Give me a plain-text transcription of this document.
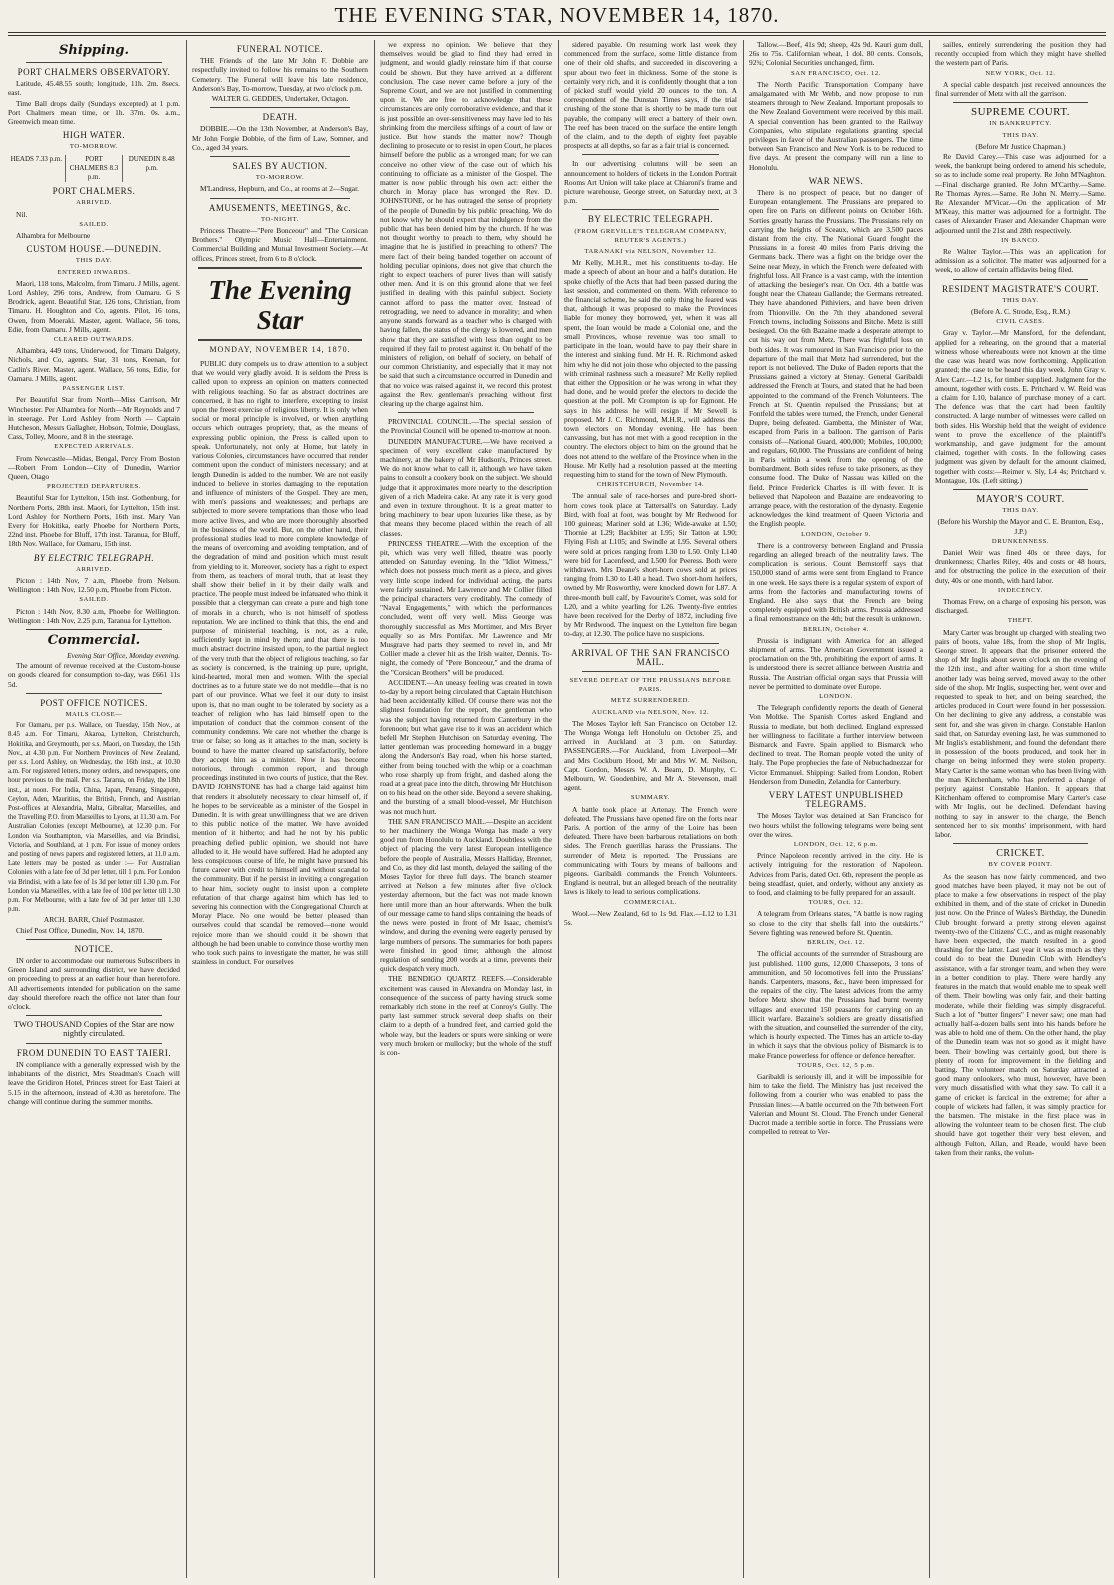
THE EVENING STAR, NOVEMBER 14, 1870.
Shipping.
PORT CHALMERS OBSERVATORY.

Latitude, 45.48.55 south; longitude, 11h. 2m. 8secs. east.

Time Ball drops daily (Sundays excepted) at 1 p.m. Port Chalmers mean time, or 1h. 37m. 0s. a.m., Greenwich mean time.

HIGH WATER.
TO-MORROW.
HEADS 7.33 p.m.	PORT CHALMERS 8.3 p.m.
DUNEDIN 8.48 p.m.
PORT CHALMERS.
ARRIVED.

Nil.

SAILED.

Alhambra for Melbourne

CUSTOM HOUSE.—DUNEDIN.
THIS DAY.
ENTERED INWARDS.

Maori, 118 tons, Malcolm, from Timaru. J Mills, agent. Lord Ashley, 296 tons, Andrew, from Oamaru. G S Brodrick, agent. Beautiful Star, 126 tons, Christian, from Timaru. H. Houghton and Co, agents. Pilot, 16 tons, Owen, from Moeraki. Master, agent. Wallace, 56 tons, Edie, from Oamaru. J Mills, agent.

CLEARED OUTWARDS.

Alhambra, 449 tons, Underwood, for Timaru Dalgety, Nichols, and Co, agents. Star, 31 tons, Keenan, for Catlin's River. Master, agent. Wallace, 56 tons, Edie, for Oamaru. J Mills, agent.

PASSENGER LIST.

Per Beautiful Star from North—Miss Carrison, Mr Winchester. Per Alhambra for North—Mr Reynolds and 7 in steerage. Per Lord Ashley from North — Captain Hutcheson, Messrs Gallagher, Hobson, Tolmie, Douglass, Cass, Tolley, Moore, and 8 in the steerage.

EXPECTED ARRIVALS.

From Newcastle—Midas, Bengal, Percy From Boston—Robert From London—City of Dunedin, Warrior Queen, Otago

PROJECTED DEPARTURES.

Beautiful Star for Lyttelton, 15th inst. Gothenburg, for Northern Ports, 28th inst. Maori, for Lyttelton, 15th inst. Lord Ashley for Northern Ports, 16th inst. Mary Van Every for Hokitika, early Phoebe for Northern Ports, 22nd inst. Phoebe for Bluff, 17th inst. Taranua, for Bluff, 18th Nov. Wallace, for Oamaru, 15th inst.

BY ELECTRIC TELEGRAPH.
ARRIVED.

Picton : 14th Nov, 7 a.m, Phoebe from Nelson. Wellington : 14th Nov, 12.50 p.m, Phoebe from Picton.

SAILED.

Picton : 14th Nov, 8.30 a.m, Phoebe for Wellington. Wellington : 14th Nov, 2.25 p.m, Taranua for Lyttelton.

Commercial.

Evening Star Office, Monday evening.

The amount of revenue received at the Custom-house on goods cleared for consumption to-day, was £661 11s 5d.

POST OFFICE NOTICES.
MAILS CLOSE—

For Oamaru, per p.s. Wallace, on Tuesday, 15th Nov., at 8.45 a.m. For Timaru, Akaroa, Lyttelton, Christchurch, Hokitika, and Greymouth, per s.s. Maori, on Tuesday, the 15th Nov., at 4.30 p.m. For Northern Provinces of New Zealand, per s.s. Lord Ashley, on Wednesday, the 16th inst., at 10.30 a.m. For registered letters, money orders, and newspapers, one hour previous to the mail. Per s.s. Tararua, on Friday, the 18th inst., at noon. For India, China, Japan, Penang, Singapore, Ceylon, Aden, Mauritius, the British, French, and Austrian Post-offices at Alexandria, Malta, Gibraltar, Marseilles, and the Travelling P.O. from Marseilles to Lyons, at 11.30 a.m. For Australian Colonies (except Melbourne), at 12.30 p.m. For London via Southampton, via Marseilles, and via Brindisi, Victoria, and Southland, at 1 p.m. For issue of money orders and posting of news papers and registered letters, at 11.0 a.m. Late letters may be posted as under :— For Australian Colonies with a late fee of 3d per letter, till 1 p.m. For London via Brindisi, with a late fee of 1s 3d per letter till 1.30 p.m. For London via Marseilles, with a late fee of 10d per letter till 1.30 p.m. For Melbourne, with a late fee of 3d per letter till 1.30 p.m.

ARCH. BARR, Chief Postmaster.

Chief Post Office, Dunedin, Nov. 14, 1870.

NOTICE.

IN order to accommodate our numerous Subscribers in Green Island and surrounding district, we have decided on proceeding to press at an earlier hour than heretofore. All advertisements intended for publication on the same day should therefore reach the office not later than four o'clock.

TWO THOUSAND Copies of the Star are now nightly circulated.

FROM DUNEDIN TO EAST TAIERI.

IN compliance with a generally expressed wish by the inhabitants of the district, Mrs Steadman's Coach will leave the Gridiron Hotel, Princes street for East Taieri at 5.15 in the afternoon, instead of 4.30 as heretofore. The change will continue during the summer months.

FUNERAL NOTICE.

THE Friends of the late Mr John F. Dobbie are respectfully invited to follow his remains to the Southern Cemetery. The Funeral will leave his late residence, Anderson's Bay, To-morrow, Tuesday, at two o'clock p.m.

WALTER G. GEDDES, Undertaker, Octagon.

DEATH.

DOBBIE.—On the 13th November, at Anderson's Bay, Mr John Forgie Dobbie, of the firm of Law, Somner, and Co., aged 34 years.

SALES BY AUCTION.
TO-MORROW.

M'Landress, Hepburn, and Co., at rooms at 2—Sugar.

AMUSEMENTS, MEETINGS, &c.
TO-NIGHT.

Princess Theatre—"Pere Bonceour" and "The Corsican Brothers." Olympic Music Hall—Entertainment. Commercial Building and Mutual Investment Society.—At offices, Princes street, from 6 to 8 o'clock.

The Evening Star
MONDAY, NOVEMBER 14, 1870.

PUBLIC duty compels us to draw attention to a subject that we would very gladly avoid. It is seldom the Press is called upon to express an opinion on matters connected with religious teaching. So far as abstract doctrines are concerned, it has no right to interfere, excepting to insist upon the freest exercise of religious liberty. It is only when social or moral principle is involved, or when anything occurs which outrages propriety, that, as the means of expressing public opinion, the Press is called upon to speak. Unfortunately, not only at Home, but lately in various Colonies, circumstances have occurred that render comment upon the conduct of ministers necessary; and at length Dunedin is added to the number. We are not easily induced to believe in stories damaging to the reputation and influence of ministers of the Gospel. They are men, with men's passions and weaknesses; and perhaps are subjected to more severe temptations than those who lead more active lives, and who are more thoroughly absorbed in the business of the world. But, on the other hand, their professional studies lead to more complete knowledge of the means of overcoming and avoiding temptation, and of the degradation of mind and position which must result from yielding to it. Moreover, society has a right to expect from them, as teachers of moral truth, that at least they shall show their belief in it by their daily walk and practice. The people must indeed be infatuated who think it possible that a clergyman can create a pure and high tone of morals in a church, who is not himself of spotless reputation. We are inclined to think that this, the end and purpose of ministerial teaching, is not, as a rule, sufficiently kept in mind by them; and that there is too much abstract doctrine insisted upon, to the partial neglect of the very truth that the object of religious teaching, so far as society is concerned, is the training up pure, upright, kind-hearted, moral men and women. With the special doctrines as to a future state we do not meddle—that is no part of our province. What we feel it our duty to insist upon is, that no man ought to be tolerated by society as a teacher of religion who has laid himself open to the imputation of conduct that the common consent of the community condemns. We care not whether the charge is true or false; so long as it attaches to the man, society is bound to have the matter cleared up satisfactorily, before they accept him as a minister. Now it has become notorious, through common report, and through proceedings instituted in two courts of justice, that the Rev. DAVID JOHNSTONE has had a charge laid against him that renders it absolutely necessary to clear himself of, if he hopes to be serviceable as a minister of the Gospel in Dunedin. It is with great unwillingness that we are driven to this public notice of the matter. We have avoided mention of it hitherto; and had he not by his public preaching defied public opinion, we should not have alluded to it. He would have suffered. Had he adopted any less conspicuous course of life, he might have pursued his future career with credit to himself and without scandal to the community. But if he persist in inviting a congregation to hear him, society ought to insist upon a complete refutation of that charge against him which has led to severing his connection with the Congregational Church at Moray Place. No one would be better pleased than ourselves could that scandal be removed—none would rejoice more than we should could it be shown that although he had been unable to convince those worthy men who took such pains to investigate the matter, he was still stainless in conduct. For ourselves

we express no opinion. We believe that they themselves would be glad to find they had erred in judgment, and would gladly reinstate him if that course could be shown. But they have arrived at a different conclusion. The case never came before a jury of the Supreme Court, and we are not justified in commenting upon it. We are free to acknowledge that these circumstances are only corroborative evidence, and that it is just possible an over-sensitiveness may have led to his shrinking from the merciless siftings of a court of law or justice. But how stands the matter now? Though declining to prosecute or to resist in open Court, he places himself before the public as a wronged man; for we can conceive no other view of the case out of which his continuing to officiate as a minister of the Gospel. The matter is now public through his own act: either the church in Moray place has wronged the Rev. D. JOHNSTONE, or he has outraged the sense of propriety of the people of Dunedin by his public preaching. We do not know why he should expect that indulgence from the public that has been denied him by the church. If he was not thought worthy to preach to them, why should he imagine that he is justified in preaching to others? The mere fact of their being banded together on account of holding peculiar opinions, does not give that church the right to expect teachers of purer lives than will satisfy other men. And it is on this ground alone that we feel justified in dealing with this painful subject. Society cannot afford to pass the matter over. Instead of retrograding, we need to advance in morality; and when anyone stands forward as a teacher who is charged with having fallen, the status of the clergy is lowered, and men show that they are satisfied with less than ought to be required if they fail to protest against it. On behalf of the ministers of religion, on behalf of society, on behalf of our common Christianity, and especially that it may not be said that such a circumstance occurred in Dunedin and that no voice was raised against it, we record this protest against the Rev. gentleman's preaching without first clearing up the charge against him.

PROVINCIAL COUNCIL.—The special session of the Provincial Council will be opened to-morrow at noon.

DUNEDIN MANUFACTURE.—We have received a specimen of very excellent cake manufactured by machinery, at the bakery of Mr Hudson's, Princes street. We do not know what to call it, although we have taken pains to consult a cookery book on the subject. We should judge that it approximates more nearly to the description given of a rich Madeira cake. At any rate it is very good and even in texture throughout. It is a great matter to bring machinery to bear upon luxuries like these, as by that means they become placed within the reach of all classes.

PRINCESS THEATRE.—With the exception of the pit, which was very well filled, theatre was poorly attended on Saturday evening. In the "Idiot Witness," which does not possess much merit as a piece, and gives very little scope indeed for individual acting, the parts were fairly sustained. Mr Lawrence and Mr Collier filled the principal characters very creditably. The comedy of "Naval Engagements," with which the performances concluded, went off very well. Miss George was thoroughly successful as Mrs Mortimer, and Mrs Bryer equally so as Mrs Pontifax. Mr Lawrence and Mr Musgrave had parts they seemed to revel in, and Mr Collier made a clever hit as the Irish waiter, Dennis. To-night, the comedy of "Pere Bonceour," and the drama of the "Corsican Brothers" will be produced.

ACCIDENT.—An uneasy feeling was created in town to-day by a report being circulated that Captain Hutchison had been accidentally killed. Of course there was not the slightest foundation for the report, the gentleman who was the subject having returned from Canterbury in the forenoon; but what gave rise to it was an accident which befell Mr Stephen Hutchison on Saturday evening. The latter gentleman was proceeding homeward in a buggy along the Anderson's Bay road, when his horse started, either from being touched with the whip or a coachman who rose sharply up from fright, and dashed along the road at a great pace into the ditch, throwing Mr Hutchison on to his head on the other side. Beyond a severe shaking, and the bursting of a small blood-vessel, Mr Hutchison was not much hurt.

THE SAN FRANCISCO MAIL.—Despite an accident to her machinery the Wonga Wonga has made a very good run from Honolulu to Auckland. Doubtless with the object of placing the very latest European intelligence before the people of Australia, Messrs Halliday, Brenner, and Co, as they did last month, delayed the sailing of the Moses Taylor for three full days. The branch steamer arrived at Nelson a few minutes after five o'clock yesterday afternoon, but the fact was not made known here until more than an hour afterwards. When the bulk of our message came to hand slips containing the heads of the news were posted in front of Mr Isaac, chemist's window, and during the evening were eagerly perused by large numbers of persons. The summaries for both papers were finished in good time; although the almost regulation of sending 200 words at a time, prevents their quick despatch very much.

THE BENDIGO QUARTZ REEFS.—Considerable excitement was caused in Alexandra on Monday last, in consequence of the success of party having struck some remarkably rich stone in the reef at Conroy's Gully. The party last summer struck several deep shafts on their claim to a depth of a hundred feet, and carried gold the whole way, but the leaders or spurs were sinking or were very much broken or mullocky; but the whole of the stuff is con-

sidered payable. On resuming work last week they commenced from the surface, some little distance from one of their old shafts, and succeeded in discovering a spur about two feet in thickness. Some of the stone is certainly very rich, and it is confidently thought that a ton of picked stuff would yield 20 ounces to the ton. A correspondent of the Dunstan Times says, if the trial crushing of the stone that is shortly to be made turn out payable, the company will erect a battery of their own. The reef has been traced on the surface the entire length of the claim, and to the depth of eighty feet payable prospects at all depths, so far as a fair trial is concerned.

In our advertising columns will be seen an announcement to holders of tickets in the London Portrait Rooms Art Union will take place at Chiaroni's frame and picture warehouse, George street, on Saturday next, at 3 p.m.

BY ELECTRIC TELEGRAPH.
(FROM GREVILLE'S TELEGRAM COMPANY, REUTER'S AGENTS.)
TARANAKI via NELSON, November 12.

Mr Kelly, M.H.R., met his constituents to-day. He made a speech of about an hour and a half's duration. He spoke chiefly of the Acts that had been passed during the last session, and commented on them. With reference to the financial scheme, he said the only thing he feared was that, although it was proposed to make the Provinces liable for money they borrowed, yet, when it was all spent, the loan would be made a Colonial one, and the small Provinces, whose revenue was too small to participate in the loan, would have to pay their share in the interest and sinking fund. Mr H. R. Richmond asked him why he did not join those who objected to the passing with criminal rashness such a measure? Mr Kelly replied that either the Opposition or he was wrong in what they had done, and he would prefer the electors to decide the question at the poll. Mr Crompton is up for Egmont. He says in his address he will resign if Mr Sewell is proposed. Mr J. C. Richmond, M.H.R., will address the town electors on Monday evening. He has been canvassing, but has not met with a good reception in the country. The electors object to him on the ground that he does not attend to the welfare of the Province when in the House. Mr Kelly had a resolution passed at the meeting requesting him to stand for the town of New Plymouth.

CHRISTCHURCH, November 14.

The annual sale of race-horses and pure-bred short-horn cows took place at Tattersall's on Saturday. Lady Bird, with foal at foot, was bought by Mr Redwood for 100 guineas; Mariner sold at L36; Wide-awake at L50; Thornie at L29; Backbiter at L95; Sir Tatton at L90; Flying Fish at L105; and Swindle at L95. Several others were sold at prices ranging from L30 to L50. Only L140 were bid for Lacenfeed, and L500 for Peeress. Both were withdrawn. Mrs Deane's short-horn cows sold at prices ranging from L30 to L40 a head. Two short-horn heifers, owned by Mr Rosworthy, were knocked down for L87. A three-month bull calf, by Favourite's Comet, was sold for L20, and a white yearling for L26. Twenty-five entries have been received for the Derby of 1872, including five by Mr Redwood. The inquest on the Lyttelton fire began to-day, at 12.30. The police have no suspicions.

ARRIVAL OF THE SAN FRANCISCO MAIL.
SEVERE DEFEAT OF THE PRUSSIANS BEFORE PARIS.
METZ SURRENDERED.
AUCKLAND via NELSON, Nov. 12.

The Moses Taylor left San Francisco on October 12. The Wonga Wonga left Honolulu on October 25, and arrived in Auckland at 3 p.m. on Saturday. PASSENGERS.—For Auckland, from Liverpool—Mr and Mrs Cockburn Hood, Mr and Mrs W. M. Neilson, Capt. Gordon, Messrs W. A. Beam, D. Murphy, C. Melbourn, W. Goodenbire, and Mr A. Stevenson, mail agent.

SUMMARY.

A battle took place at Artenay. The French were defeated. The Prussians have opened fire on the forts near Paris. A portion of the army of the Loire has been defeated. There have been barbarous retaliations on both sides. The French guerillas harass the Prussians. The surrender of Metz is reported. The Prussians are communicating with Tours by means of balloons and pigeons. Garibaldi commands the French Volunteers. England is neutral, but an alleged breach of the neutrality laws is likely to lead to serious complications.

COMMERCIAL.

Wool.—New Zealand, 6d to 1s 9d. Flax.—L12 to L31 5s.

Tallow.—Beef, 41s 9d; sheep, 42s 9d. Kauri gum dull, 26s to 75s. Californian wheat, 1 dol. 80 cents. Consols, 92¾; Colonial Securities unchanged, firm.

SAN FRANCISCO, Oct. 12.

The North Pacific Transportation Company have amalgamated with Mr Webb, and now propose to run steamers through to New Zealand. Important proposals to the New Zealand Government were received by this mail. A special convention has been granted to the Railway Companies, who stipulate regulations granting special privileges in favor of the Australian passengers. The time between San Francisco and New York is to be reduced to five days. At present the company will run a line to Honolulu.

WAR NEWS.

There is no prospect of peace, but no danger of European entanglement. The Prussians are prepared to open fire on Paris on different points on October 16th. Sorties greatly harass the Prussians. The Prussians rely on carrying the heights of Sceaux, which are 3,500 paces distant from the city. The National Guard fought the Prussians in a forest 40 miles from Paris driving the Germans back. There was a fight on the bridge over the Seine near Mezy, in which the French were defeated with frightful loss. All France is a vast camp, with the intention of attacking the besieger's rear. On Oct. 4th a battle was fought near the Chateau Gallande; the Germans retreated. They have abandoned Pithiviers, and have been driven from Thionville. On the 7th they abandoned several French towns, including Soissons and Bitche. Metz is still besieged. On the 6th Bazaine made a desperate attempt to cut his way out from Metz. There was frightful loss on both sides. It was rumoured in San Francisco prior to the departure of the mail that Metz had surrendered, but the report is not believed. The Duke of Baden reports that the Prussians gained a victory at Stenay. General Garibaldi addressed the French at Tours, and stated that he had been appointed to the command of the French Volunteers. The French at St. Quentin repulsed the Prussians; but at Fontfeld the tables were turned, the French, under General Dupre, being defeated. Gambetta, the Minister of War, escaped from Paris in a balloon. The garrison of Paris consists of—National Guard, 400,000; Mobiles, 100,000; and regulars, 60,000. The Prussians are confident of being in Paris within a week from the opening of the bombardment. Both sides refuse to take prisoners, as they consume food. The Duke of Nassau was killed on the field. Prince Frederick Charles is ill with fever. It is believed that Napoleon and Bazaine are endeavoring to arrange peace, with the restoration of the dynasty. Eugenie acknowledges the kind treatment of Queen Victoria and the English people.

LONDON, October 9.

There is a controversy between England and Prussia regarding an alleged breach of the neutrality laws. The complication is serious. Count Bernstorff says that 150,000 stand of arms were sent from England to France in one week. He says there is a regular system of export of arms from the factories and manufacturing towns of England. He also says that the French are being completely equipped with British arms. Prussia addressed a final remonstrance on the 4th; but the result is unknown.

BERLIN, October 4.

Prussia is indignant with America for an alleged shipment of arms. The American Government issued a proclamation on the 9th, prohibiting the export of arms. It is understood there is secret alliance between Austria and Russia. The Austrian official organ says that Prussia will never be permitted to dominate over Europe.

LONDON.

The Telegraph confidently reports the death of General Von Moltke. The Spanish Cortes asked England and Russia to mediate, but both declined. England expressed her willingness to facilitate a further interview between Bismarck and Favre. Spain applied to Bismarck who declined to treat. The Roman people voted the unity of Italy. The Pope prophecies the fate of Nebuchadnezzar for Victor Emmanuel. Shipping: Sailed from London, Robert Henderson from Dunedin, Zelandia for Canterbury.

VERY LATEST UNPUBLISHED TELEGRAMS.

The Moses Taylor was detained at San Francisco for two hours whilst the following telegrams were being sent over the wires.

LONDON, Oct. 12, 6 p.m.

Prince Napoleon recently arrived in the city. He is actively intriguing for the restoration of Napoleon. Advices from Paris, dated Oct. 6th, represent the people as being steadfast, quiet, and orderly, without any anxiety as to food, and claiming to be fully prepared for an assault.

TOURS, Oct. 12.

A telegram from Orleans states, "A battle is now raging so close to the city that shells fall into the outskirts." Severe fighting was renewed before St. Quentin.

BERLIN, Oct. 12.

The official accounts of the surrender of Strasbourg are just published. 1100 guns, 12,000 Chassepots, 3 tons of ammunition, and 50 locomotives fell into the Prussians' hands. Carpenters, masons, &c., have been impressed for the repairs of the city. The latest advices from the army before Metz show that the Prussians had burnt twenty villages and executed 150 peasants for carrying on an illicit warfare. Bazaine's soldiers are greatly dissatisfied with the situation, and counselled the surrender of the city, which is hourly expected. The Times has an article to-day in which it says that the obvious policy of Bismarck is to make France powerless for offence or defence hereafter.

TOURS, Oct. 12, 5 p.m.

Garibaldi is seriously ill, and it will be impossible for him to take the field. The Ministry has just received the following from a courier who was enabled to pass the Prussian lines:—A battle occurred on the 7th between Fort Valerian and Mount St. Cloud. The French under General Ducrot made a terrible sortie in force. The Prussians were compelled to retreat to Ver-

sailles, entirely surrendering the position they had recently occupied from which they might have shelled the western part of Paris.

NEW YORK, Oct. 12.

A special cable despatch just received announces the final surrender of Metz with all the garrison.

SUPREME COURT.
IN BANKRUPTCY.
THIS DAY.

(Before Mr Justice Chapman.)

Re David Carey.—This case was adjourned for a week, the bankrupt being ordered to amend his schedule, so as to include some real property. Re John M'Naghton.—Final discharge granted. Re John M'Carthy.—Same. Re Thomas Ayres.—Same. Re John N. Merry.—Same. Re Alexander M'Vicar.—On the application of Mr M'Keay, this matter was adjourned for a fortnight. The cases of Alexander Fraser and Alexander Chapman were adjourned until the 21st and 28th respectively.

IN BANCO.

Re Walter Taylor.—This was an application for admission as a solicitor. The matter was adjourned for a week, to allow of certain affidavits being filed.

RESIDENT MAGISTRATE'S COURT.
THIS DAY.

(Before A. C. Strode, Esq., R.M.)

CIVIL CASES.

Gray v. Taylor.—Mr Mansford, for the defendant, applied for a rehearing, on the ground that a material witness whose whereabouts were not known at the time the case was heard was now forthcoming. Application granted; the case to be heard this day week. John Gray v. Alex Carr.—L2 1s, for timber supplied. Judgment for the amount, together with costs. E. Pritchard v. W. Reid was a claim for L10, balance of purchase money of a cart. The defence was that the cart had been faultily constructed. A large number of witnesses were called on both sides. His Worship held that the weight of evidence went to prove the excellence of the plaintiff's workmanship, and gave judgment for the amount claimed, together with costs. In the following cases judgment was given by default for the amount claimed, together with costs:—Reimer v. Sly, L4 4s; Pritchard v. Montague, 10s. (Left sitting.)

MAYOR'S COURT.
THIS DAY.

(Before his Worship the Mayor and C. E. Brunton, Esq., J.P.)

DRUNKENNESS.

Daniel Weir was fined 40s or three days, for drunkenness; Charles Riley, 40s and costs or 48 hours, and for obstructing the police in the execution of their duty, 40s or one month, with hard labor.

INDECENCY.

Thomas Frew, on a charge of exposing his person, was discharged.

THEFT.

Mary Carter was brought up charged with stealing two pairs of boots, value 18s, from the shop of Mr Inglis, George street. It appears that the prisoner entered the shop of Mr Inglis about seven o'clock on the evening of the 12th inst., and after waiting for a short time while another lady was being served, moved away to the other side of the shop. Mr Inglis, suspecting her, went over and requested to speak to her, and on being searched, the articles produced in Court were found in her possession. On her declining to give any address, a constable was sent for, and she was given in charge. Constable Hanlon said that, on Saturday evening last, he was summoned to Mr Inglis's establishment, and found the defendant there in possession of the boots produced, and took her in charge on being informed they were stolen property. Mary Carter is the same woman who has been living with the man Kitchenham, who has preferred a charge of perjury against Constable Hanlon. It appears that Kitchenham offered to compromise Mary Carter's case with Mr Inglis, out he declined. Defendant having nothing to say in answer to the charge, the Bench sentenced her to six months' imprisonment, with hard labor.

CRICKET.
BY COVER POINT.

As the season has now fairly commenced, and two good matches have been played, it may not be out of place to make a few observations in respect of the play exhibited in them, and of the state of cricket in Dunedin just now. On the Prince of Wales's Birthday, the Dunedin Club brought forward a pretty strong eleven against twenty-two of the Citizens' C.C., and as might reasonably have been expected, the match resulted in a good thrashing for the latter. Last year it was as much as they could do to beat the Dunedin Club with Hendley's assistance, with a far stronger team, and when they were in a better condition to play. There were hardly any features in the match that would enable me to speak well of them. Their bowling was only fair, and their batting moderate, while their fielding was simply disgraceful. Such a lot of "butter fingers" I never saw; one man had actually half-a-dozen balls sent into his hands before he was able to hold one of them. On the other hand, the play of the Dunedin team was not so good as it might have been. Their bowling was certainly good, but there is plenty of room for improvement in the fielding and batting. The volunteer match on Saturday attracted a good many onlookers, who must, however, have been very much dissatisfied with what they saw. To call it a game of cricket is farcical in the extreme; for after a couple of wickets had fallen, it was simply practice for the batsmen. The mistake in the first place was in allowing the volunteer team to be chosen first. The club should have got together their very best eleven, and although Fulton, Allan, and Reade, would have been taken from their ranks, the volun-
